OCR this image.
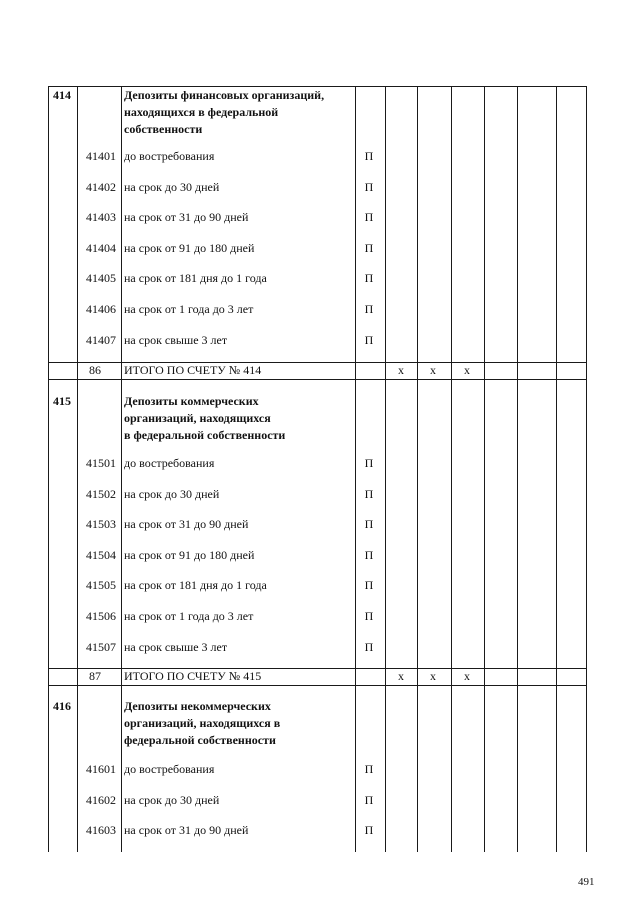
414	Депозиты финансовых организаций,
находящихся в федеральной
собственности
41401 до востребования	П
41402 на срок до 30 дней	П
41403 на срок от 31 до 90 дней	П
41404 на срок от 91 до 180 дней	П
41405 на срок от 181 дня до 1 года	П
41406 на срок от 1 года до 3 лет	П
41407 на срок свыше 3 лет	П
86	ИТОГО ПО СЧЕТУ № 414	x	x	x
415	Депозиты коммерческих
организаций, находящихся
в федеральной собственности
41501 до востребования	П
41502 на срок до 30 дней	П
41503 на срок от 31 до 90 дней	П
41504 на срок от 91 до 180 дней	П
41505 на срок от 181 дня до 1 года	П
41506 на срок от 1 года до 3 лет	П
41507 на срок свыше 3 лет	П
87	ИТОГО ПО СЧЕТУ № 415	x	x	x
416	Депозиты некоммерческих
организаций, находящихся в
федеральной собственности
41601 до востребования	П
41602 на срок до 30 дней	П
41603 на срок от 31 до 90 дней	П
491
